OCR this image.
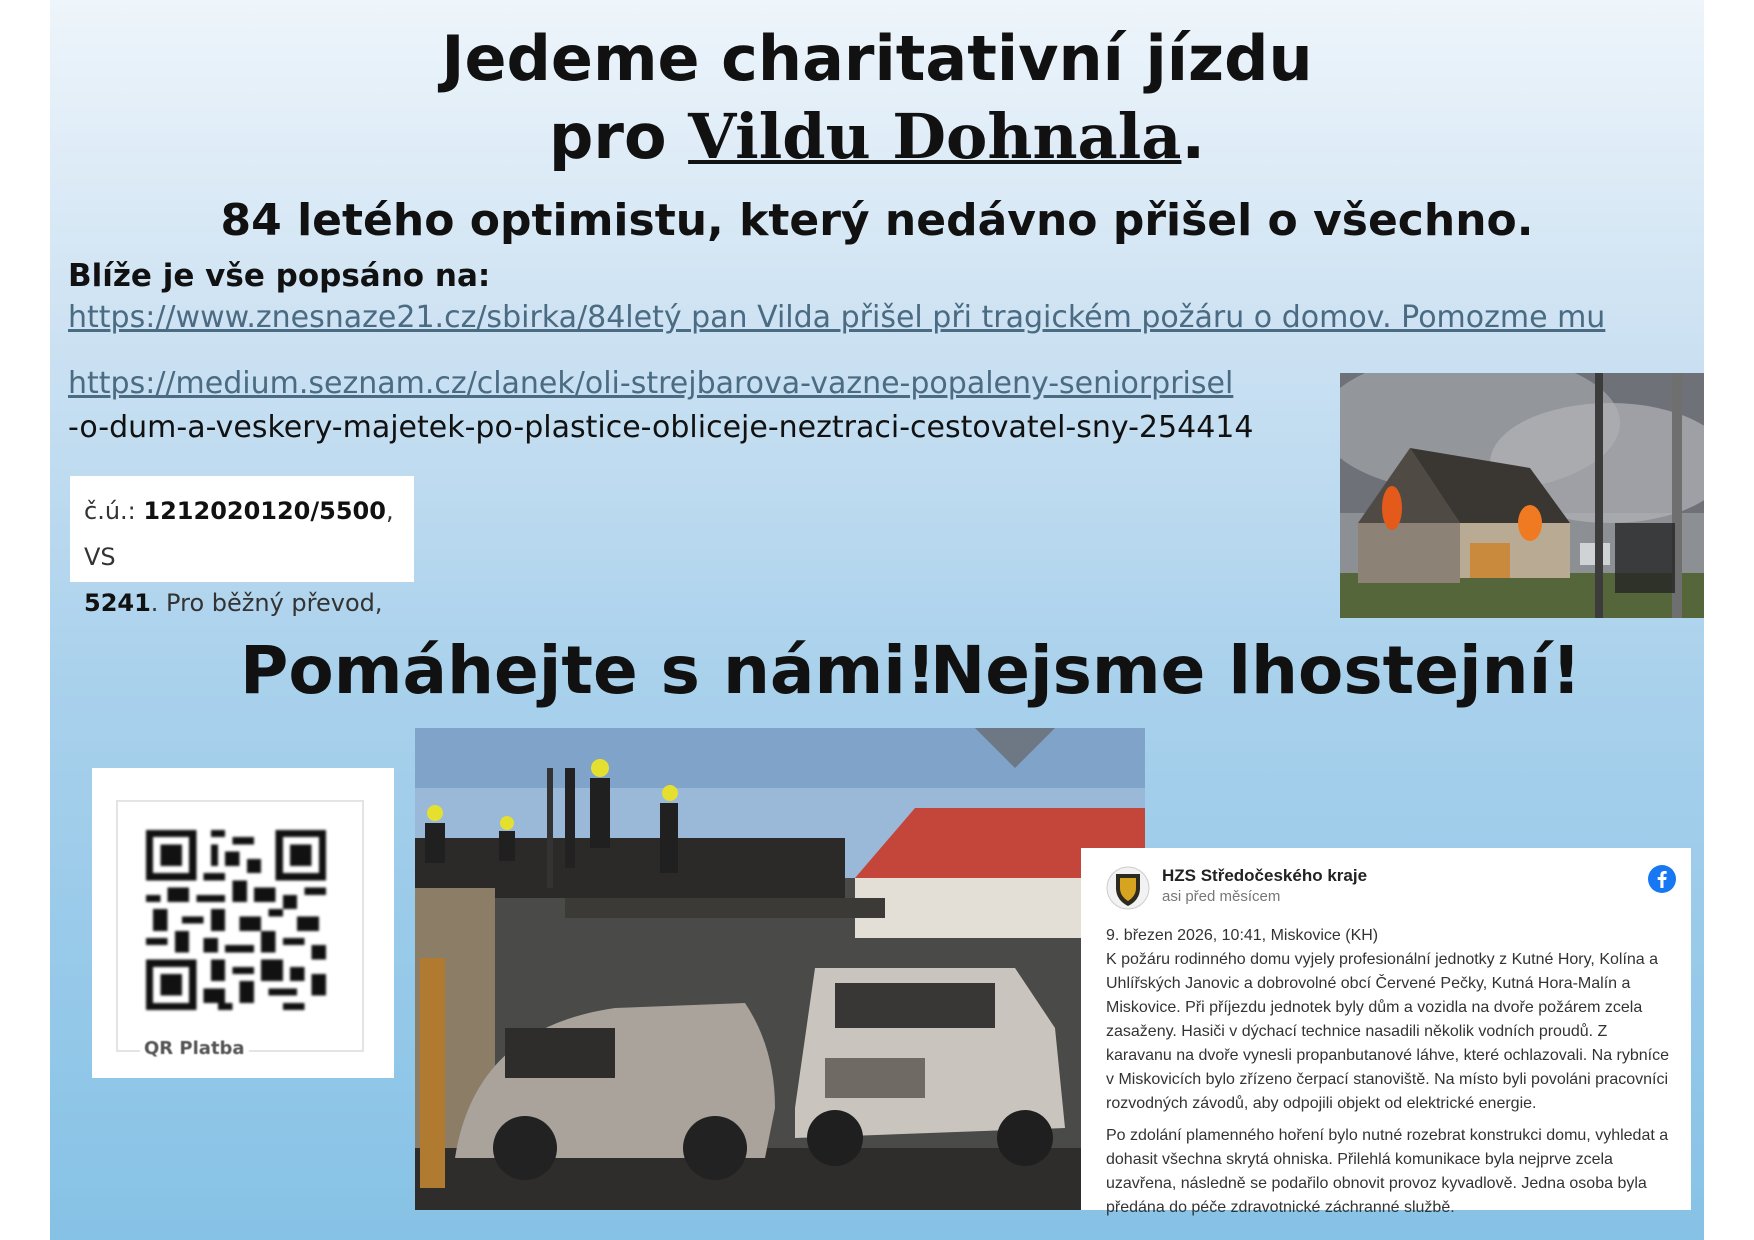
Jedeme charitativní jízdu
pro Vildu Dohnala.
84 letého optimistu, který nedávno přišel o všechno.
Blíže je vše popsáno na:
https://www.znesnaze21.cz/sbirka/84letý pan Vilda přišel při tragickém požáru o domov. Pomozme mu
https://medium.seznam.cz/clanek/oli-strejbarova-vazne-popaleny-seniorprisel
-o-dum-a-veskery-majetek-po-plastice-obliceje-neztraci-cestovatel-sny-254414
č.ú.: 1212020120/5500, VS
5241. Pro běžný převod,
Pomáhejte s námi!
Nejsme lhostejní!
QR Platba
HZS Středočeského kraje
asi před měsícem

9. březen 2026, 10:41, Miskovice (KH)
K požáru rodinného domu vyjely profesionální jednotky z Kutné Hory, Kolína a Uhlířských Janovic a dobrovolné obcí Červené Pečky, Kutná Hora-Malín a Miskovice. Při příjezdu jednotek byly dům a vozidla na dvoře požárem zcela zasaženy. Hasiči v dýchací technice nasadili několik vodních proudů. Z karavanu na dvoře vynesli propanbutanové láhve, které ochlazovali. Na rybníce v Miskovicích bylo zřízeno čerpací stanoviště. Na místo byli povoláni pracovníci rozvodných závodů, aby odpojili objekt od elektrické energie.

Po zdolání plamenného hoření bylo nutné rozebrat konstrukci domu, vyhledat a dohasit všechna skrytá ohniska. Přilehlá komunikace byla nejprve zcela uzavřena, následně se podařilo obnovit provoz kyvadlově. Jedna osoba byla předána do péče zdravotnické záchranné službě.
